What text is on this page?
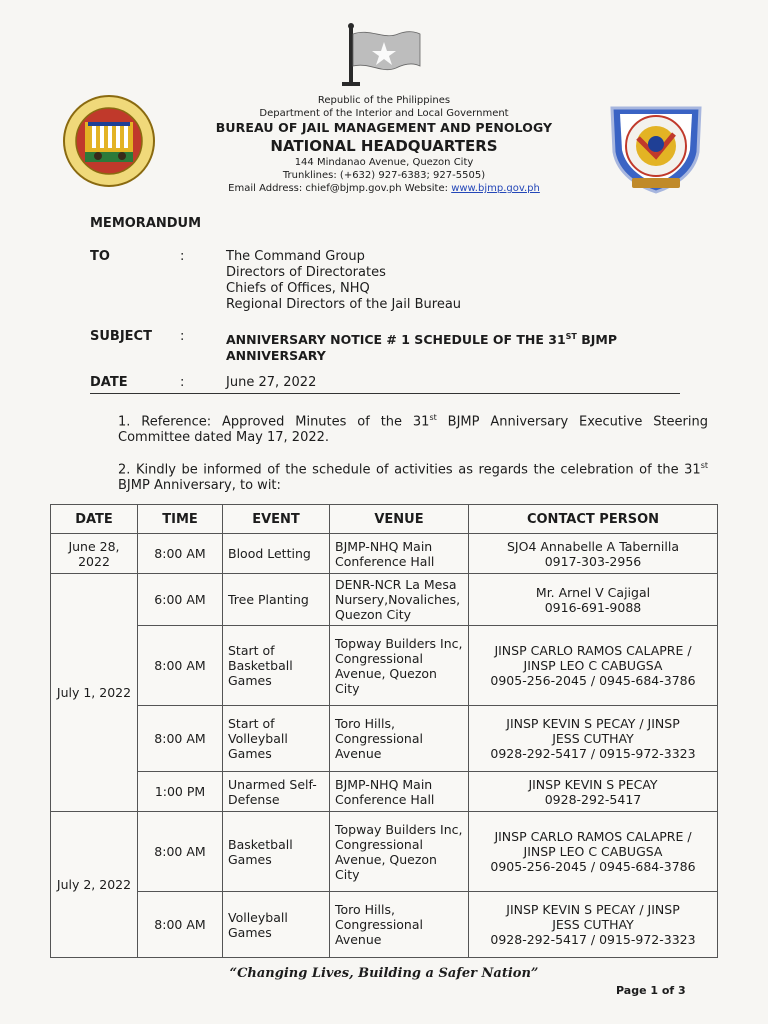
Republic of the Philippines
Department of the Interior and Local Government
BUREAU OF JAIL MANAGEMENT AND PENOLOGY
NATIONAL HEADQUARTERS
144 Mindanao Avenue, Quezon City
Trunklines: (+632) 927-6383; 927-5505)
Email Address: chief@bjmp.gov.ph Website: www.bjmp.gov.ph
MEMORANDUM
TO	:	The Command Group
Directors of Directorates
Chiefs of Offices, NHQ
Regional Directors of the Jail Bureau
SUBJECT :	ANNIVERSARY NOTICE # 1 SCHEDULE OF THE 31ST BJMP ANNIVERSARY
DATE	:	June 27, 2022
1. Reference: Approved Minutes of the 31st BJMP Anniversary Executive Steering Committee dated May 17, 2022.
2. Kindly be informed of the schedule of activities as regards the celebration of the 31st BJMP Anniversary, to wit:
DATE	TIME	EVENT	VENUE	CONTACT PERSON
June 28, 2022	8:00 AM	Blood Letting	BJMP-NHQ Main Conference Hall	SJO4 Annabelle A Tabernilla
0917-303-2956

July 1, 2022	6:00 AM	Tree Planting	DENR-NCR La Mesa Nursery,Novaliches, Quezon City	Mr. Arnel V Cajigal
0916-691-9088

	8:00 AM	Start of Basketball Games	Topway Builders Inc, Congressional Avenue, Quezon City	JINSP CARLO RAMOS CALAPRE /
JINSP LEO C CABUGSA
0905-256-2045 / 0945-684-3786

	8:00 AM	Start of Volleyball Games	Toro Hills, Congressional Avenue	JINSP KEVIN S PECAY / JINSP
JESS CUTHAY
0928-292-5417 / 0915-972-3323

	1:00 PM	Unarmed Self-Defense	BJMP-NHQ Main Conference Hall	JINSP KEVIN S PECAY
0928-292-5417

July 2, 2022	8:00 AM	Basketball Games	Topway Builders Inc, Congressional Avenue, Quezon City	JINSP CARLO RAMOS CALAPRE /
JINSP LEO C CABUGSA
0905-256-2045 / 0945-684-3786

	8:00 AM	Volleyball Games	Toro Hills, Congressional Avenue	JINSP KEVIN S PECAY / JINSP
JESS CUTHAY
0928-292-5417 / 0915-972-3323
“Changing Lives, Building a Safer Nation”
Page 1 of 3
